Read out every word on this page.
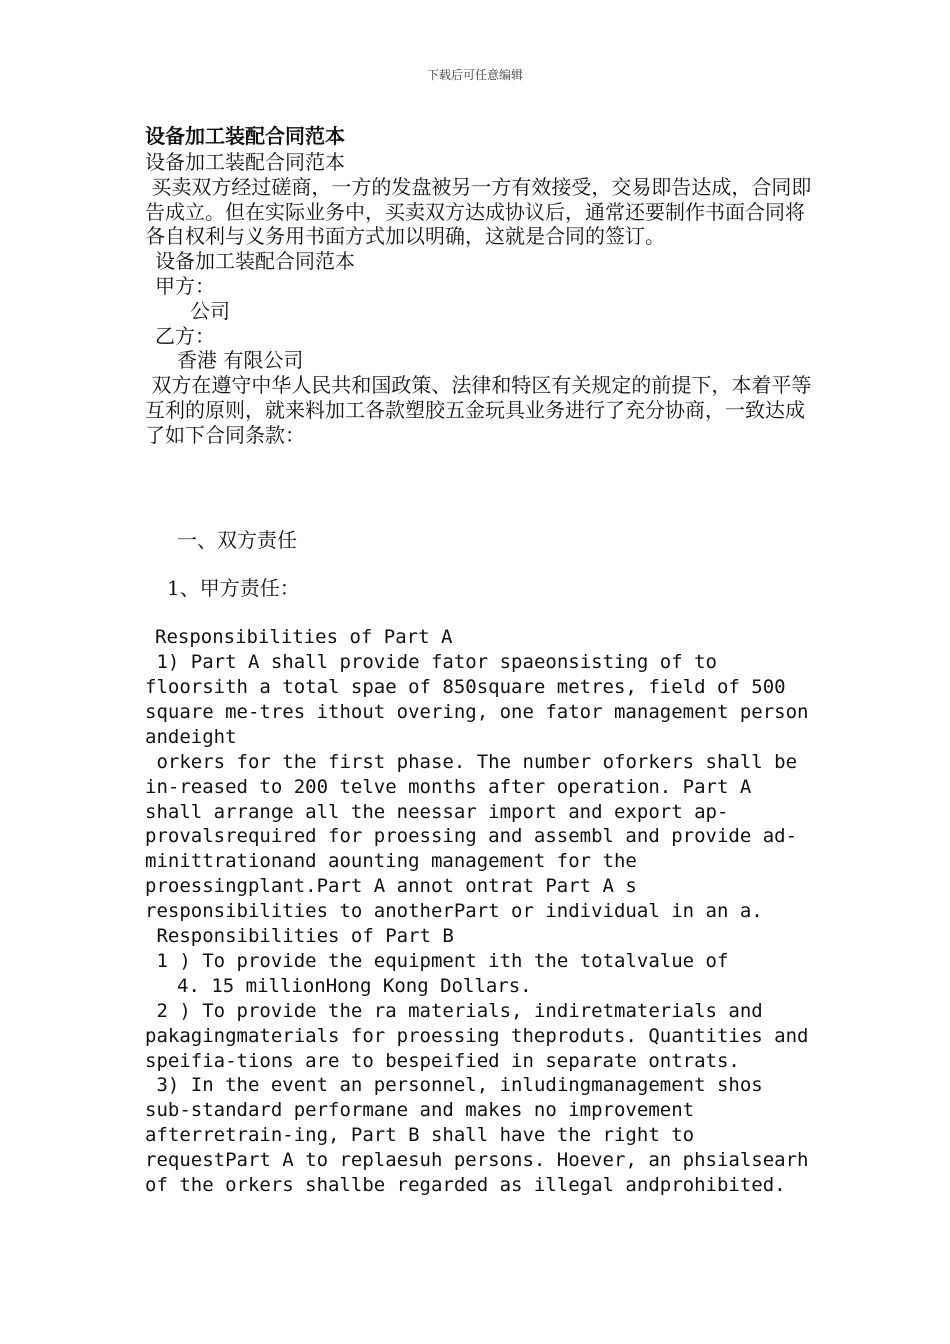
下载后可任意编辑

设备加工装配合同范本

设备加工装配合同范本

买卖双方经过磋商，一方的发盘被另一方有效接受，交易即告达成，合同即告成立。但在实际业务中，买卖双方达成协议后，通常还要制作书面合同将各自权利与义务用书面方式加以明确，这就是合同的签订。

设备加工装配合同范本

甲方：

公司

乙方：

香港 有限公司

双方在遵守中华人民共和国政策、法律和特区有关规定的前提下，本着平等互利的原则，就来料加工各款塑胶五金玩具业务进行了充分协商，一致达成了如下合同条款：

一、双方责任

1、甲方责任：

Responsibilities of Part A

1) Part A shall provide fator spaeonsisting of to floorsith a total spae of 850square metres, field of 500 square me-tres ithout overing, one fator management person andeight

orkers for the first phase. The number oforkers shall be in-reased to 200 telve months after operation. Part A shall arrange all the neessar import and export ap-provalsrequired for proessing and assembl and provide ad-minittrationand aounting management for the proessingplant.Part A annot ontrat Part A s responsibilities to anotherPart or individual in an a.

Responsibilities of Part B

1 ) To provide the equipment ith the totalvalue of

4. 15 millionHong Kong Dollars.

2 ) To provide the ra materials, indiretmaterials and pakagingmaterials for proessing theproduts. Quantities and speifia-tions are to bespeified in separate ontrats.

3) In the event an personnel, inludingmanagement shos sub-standard performane and makes no improvement afterretrain-ing, Part B shall have the right to requestPart A to replaesuh persons. Hoever, an phsialsearh of the orkers shallbe regarded as illegal andprohibited.
